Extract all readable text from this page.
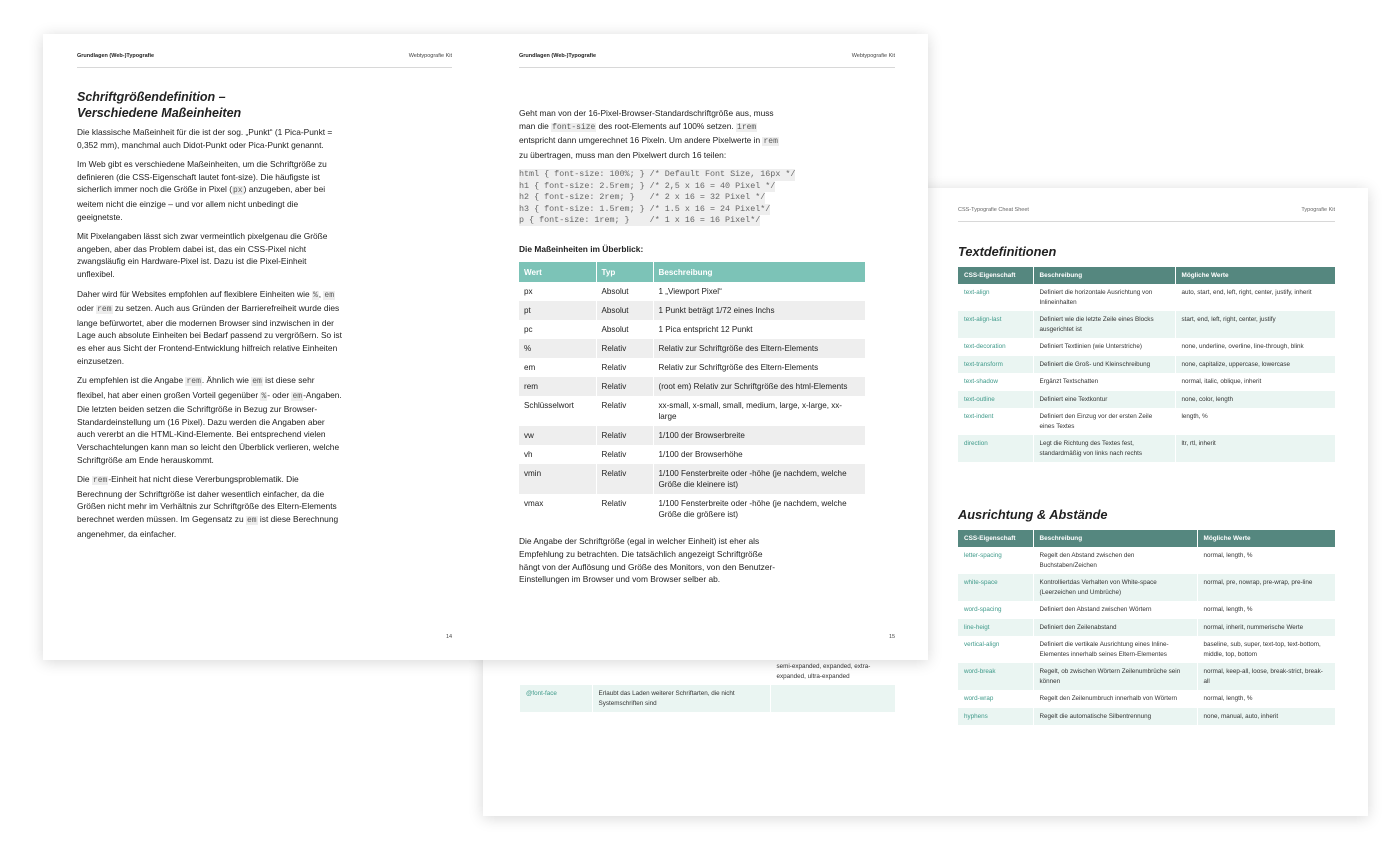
		semi-expanded, expanded, extra-expanded, ultra-expanded
@font-face	Erlaubt das Laden weiterer Schriftarten, die nicht Systemschriften sind	
CSS-Typografie Cheat Sheet	Typografie Kit
Textdefinitionen
CSS-Eigenschaft	Beschreibung	Mögliche Werte
text-align	Definiert die horizontale Ausrichtung von Inlineinhalten	auto, start, end, left, right, center, justify, inherit
text-align-last	Definiert wie die letzte Zeile eines Blocks ausgerichtet ist	start, end, left, right, center, justify
text-decoration	Definiert Textlinien (wie Unterstriche)	none, underline, overline, line-through, blink
text-transform	Definiert die Groß- und Kleinschreibung	none, capitalize, uppercase, lowercase
text-shadow	Ergänzt Textschatten	normal, italic, oblique, inherit
text-outline	Definiert eine Textkontur	none, color, length
text-indent	Definiert den Einzug vor der ersten Zeile eines Textes	length, %
direction	Legt die Richtung des Textes fest, standardmäßig von links nach rechts	ltr, rtl, inherit
Ausrichtung & Abstände
CSS-Eigenschaft	Beschreibung	Mögliche Werte
letter-spacing	Regelt den Abstand zwischen den Buchstaben/Zeichen	normal, length, %
white-space	Kontrolliertdas Verhalten von White-space (Leerzeichen und Umbrüche)	normal, pre, nowrap, pre-wrap, pre-line
word-spacing	Definiert den Abstand zwischen Wörtern	normal, length, %
line-heigt	Definiert den Zeilenabstand	normal, inherit, nummerische Werte
vertical-align	Definiert die vertikale Ausrichtung eines Inline-Elementes innerhalb seines Eltern-Elementes	baseline, sub, super, text-top, text-bottom, middle, top, bottom
word-break	Regelt, ob zwischen Wörtern Zeilenumbrüche sein können	normal, keep-all, loose, break-strict, break-all
word-wrap	Regelt den Zeilenumbruch innerhalb von Wörtern	normal, length, %
hyphens	Regelt die automatische Silbentrennung	none, manual, auto, inherit
Grundlagen (Web-)Typografie	Webtypografie Kit
Schriftgrößendefinition –
Verschiedene Maßeinheiten

Die klassische Maßeinheit für die ist der sog. „Punkt“ (1 Pica-Punkt = 0,352 mm), manchmal auch Didot-Punkt oder Pica-Punkt genannt.

Im Web gibt es verschiedene Maßeinheiten, um die Schriftgröße zu definieren (die CSS-Eigenschaft lautet font-size). Die häufigste ist sicherlich immer noch die Größe in Pixel (px) anzugeben, aber bei weitem nicht die einzige – und vor allem nicht unbedingt die geeignetste.

Mit Pixelangaben lässt sich zwar vermeintlich pixelgenau die Größe angeben, aber das Problem dabei ist, das ein CSS-Pixel nicht zwangsläufig ein Hardware-Pixel ist. Dazu ist die Pixel-Einheit unflexibel.

Daher wird für Websites empfohlen auf flexiblere Einheiten wie %, em oder rem zu setzen. Auch aus Gründen der Barrierefreiheit wurde dies lange befürwortet, aber die modernen Browser sind inzwischen in der Lage auch absolute Einheiten bei Bedarf passend zu vergrößern. So ist es eher aus Sicht der Frontend-Entwicklung hilfreich relative Einheiten einzusetzen.

Zu empfehlen ist die Angabe rem. Ähnlich wie em ist diese sehr flexibel, hat aber einen großen Vorteil gegenüber %- oder em-Angaben. Die letzten beiden setzen die Schriftgröße in Bezug zur Browser-Standardeinstellung um (16 Pixel). Dazu werden die Angaben aber auch vererbt an die HTML-Kind-Elemente. Bei entsprechend vielen Verschachtelungen kann man so leicht den Überblick verlieren, welche Schriftgröße am Ende herauskommt.

Die rem-Einheit hat nicht diese Vererbungsproblematik. Die Berechnung der Schriftgröße ist daher wesentlich einfacher, da die Größen nicht mehr im Verhältnis zur Schriftgröße des Eltern-Elements berechnet werden müssen. Im Gegensatz zu em ist diese Berechnung angenehmer, da einfacher.

14
Grundlagen (Web-)Typografie	Webtypografie Kit

Geht man von der 16-Pixel-Browser-Standardschriftgröße aus, muss man die font-size des root-Elements auf 100% setzen. 1rem entspricht dann umgerechnet 16 Pixeln. Um andere Pixelwerte in rem zu übertragen, muss man den Pixelwert durch 16 teilen:

html { font-size: 100%; } /* Default Font Size, 16px */
h1 { font-size: 2.5rem; } /* 2,5 x 16 = 40 Pixel */
h2 { font-size: 2rem; }   /* 2 x 16 = 32 Pixel */
h3 { font-size: 1.5rem; } /* 1.5 x 16 = 24 Pixel*/
p { font-size: 1rem; }    /* 1 x 16 = 16 Pixel*/
Die Maßeinheiten im Überblick:
Wert	Typ	Beschreibung
px	Absolut	1 „Viewport Pixel“
pt	Absolut	1 Punkt beträgt 1/72 eines Inchs
pc	Absolut	1 Pica entspricht 12 Punkt
%	Relativ	Relativ zur Schriftgröße des Eltern-Elements
em	Relativ	Relativ zur Schriftgröße des Eltern-Elements
rem	Relativ	(root em) Relativ zur Schriftgröße des html-Elements
Schlüsselwort	Relativ	xx-small, x-small, small, medium, large, x-large, xx-large
vw	Relativ	1/100 der Browserbreite
vh	Relativ	1/100 der Browserhöhe
vmin	Relativ	1/100 Fensterbreite oder -höhe (je nachdem, welche Größe die kleinere ist)
vmax	Relativ	1/100 Fensterbreite oder -höhe (je nachdem, welche Größe die größere ist)

Die Angabe der Schriftgröße (egal in welcher Einheit) ist eher als Empfehlung zu betrachten. Die tatsächlich angezeigt Schriftgröße hängt von der Auflösung und Größe des Monitors, von den Benutzer-Einstellungen im Browser und vom Browser selber ab.

15
